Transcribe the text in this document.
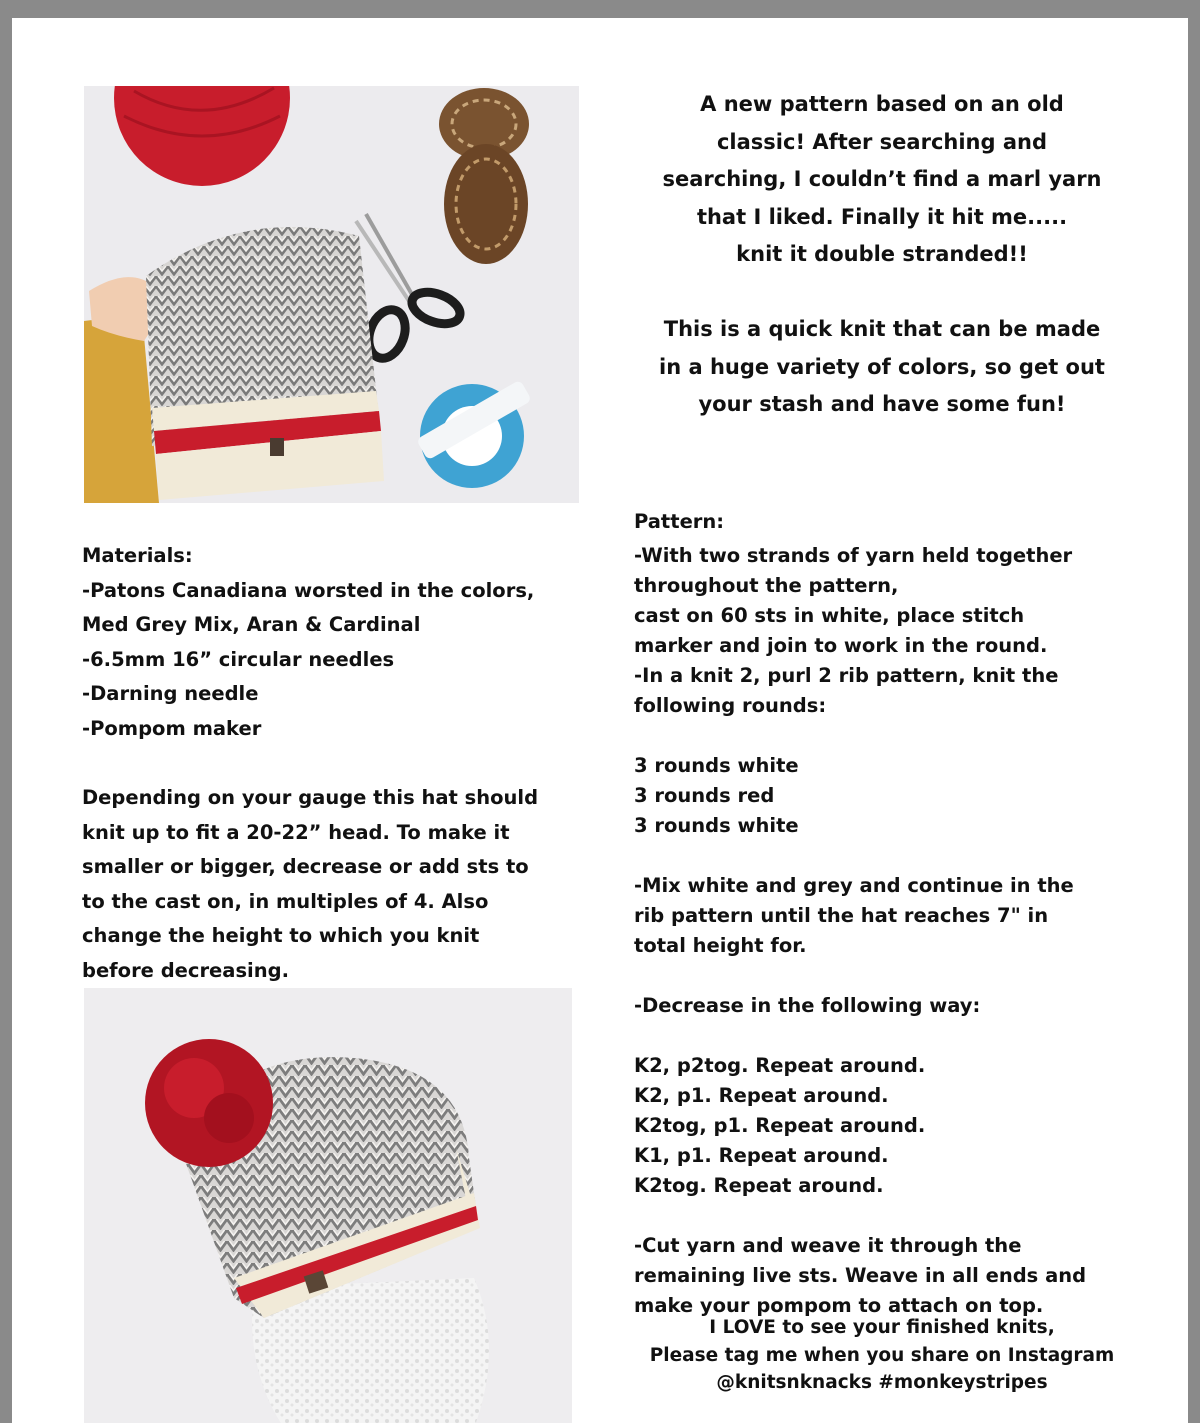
A new pattern based on an old
classic! After searching and
searching, I couldn’t find a marl yarn
that I liked. Finally it hit me.....
knit it double stranded!!

This is a quick knit that can be made
in a huge variety of colors, so get out
your stash and have some fun!

Materials:
-Patons Canadiana worsted in the colors,
Med Grey Mix, Aran & Cardinal
-6.5mm 16” circular needles
-Darning needle
-Pompom maker
Depending on your gauge this hat should
knit up to fit a 20-22” head. To make it
smaller or bigger, decrease or add sts to
to the cast on, in multiples of 4. Also
change the height to which you knit
before decreasing.
Pattern:
-With two strands of yarn held together
throughout the pattern,
cast on 60 sts in white, place stitch
marker and join to work in the round.
-In a knit 2, purl 2 rib pattern, knit the
following rounds:
3 rounds white
3 rounds red
3 rounds white
-Mix white and grey and continue in the
rib pattern until the hat reaches 7" in
total height for.
-Decrease in the following way:
K2, p2tog. Repeat around.
K2, p1. Repeat around.
K2tog, p1. Repeat around.
K1, p1. Repeat around.
K2tog. Repeat around.
-Cut yarn and weave it through the
remaining live sts. Weave in all ends and
make your pompom to attach on top.
I LOVE to see your finished knits,
Please tag me when you share on Instagram
@knitsnknacks #monkeystripes
